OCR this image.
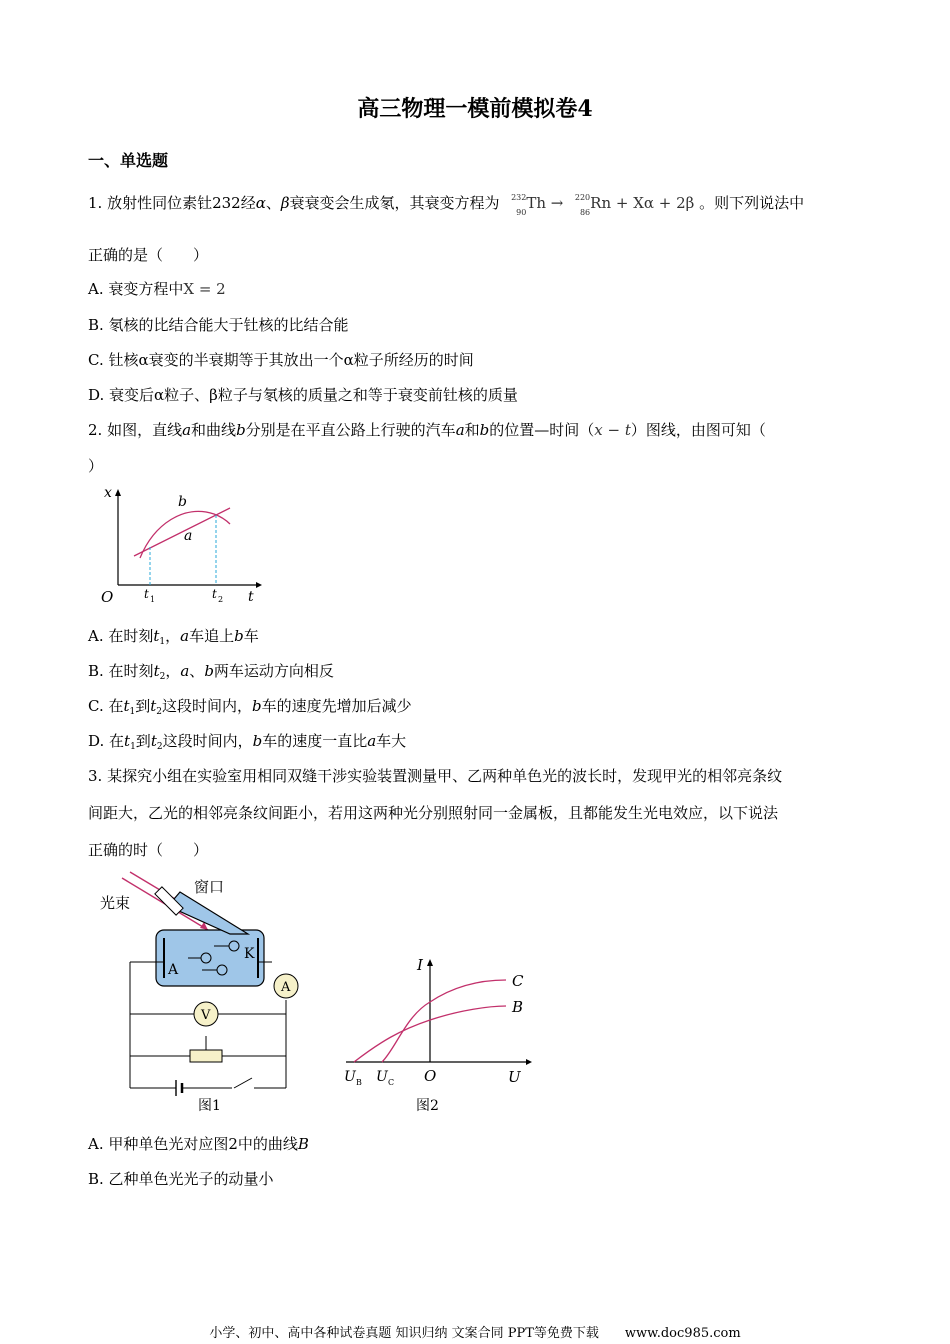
高三物理一模前模拟卷4
一、单选题
1. 放射性同位素钍232经α、β衰衰变会生成氡，其衰变方程为 232
90
Th → 220
86
Rn + Xα + 2β 。则下列说法中
正确的是（　　）
A. 衰变方程中X = 2
B. 氡核的比结合能大于钍核的比结合能
C. 钍核α衰变的半衰期等于其放出一个α粒子所经历的时间
D. 衰变后α粒子、β粒子与氡核的质量之和等于衰变前钍核的质量
2. 如图，直线a和曲线b分别是在平直公路上行驶的汽车a和b的位置—时间（x − t）图线，由图可知（
）
x
t
O	t 1	t 2
a
b
A. 在时刻$t_1$，a车追上b车
B. 在时刻$t_2$，a、b两车运动方向相反
C. 在$t_1$到$t_2$这段时间内，b车的速度先增加后减少
D. 在$t_1$到$t_2$这段时间内，b车的速度一直比a车大
3. 某探究小组在实验室用相同双缝干涉实验装置测量甲、乙两种单色光的波长时，发现甲光的相邻亮条纹
间距大，乙光的相邻亮条纹间距小，若用这两种光分别照射同一金属板，且都能发生光电效应，以下说法
正确的时（　　）
光束
窗口
A
K
A
V
图1
I
C
B
U B U C O	U
图2
A. 甲种单色光对应图2中的曲线B
B. 乙种单色光光子的动量小
小学、初中、高中各种试卷真题 知识归纳 文案合同 PPT等免费下载　　www.doc985.com
